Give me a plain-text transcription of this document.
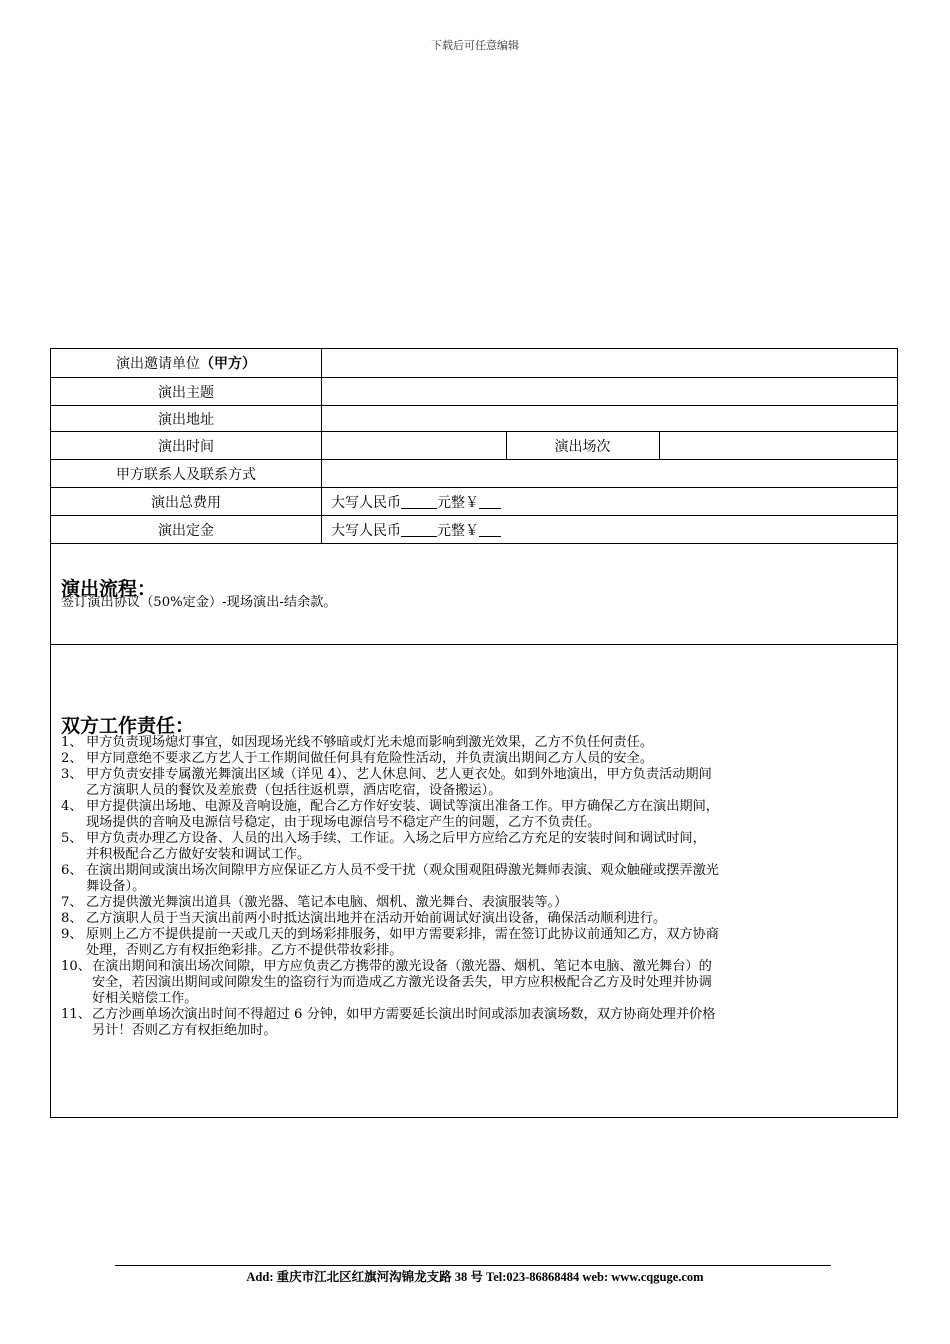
下载后可任意编辑
演出邀请单位 （甲方）
演出主题
演出地址
演出时间	演出场次
甲方联系人及联系方式
演出总费用	大写人民币	元整￥
演出定金	大写人民币	元整￥
演出流程：
签订演出协议（50%定金）-现场演出-结余款。
双方工作责任：
1、 甲方负责现场熄灯事宜，如因现场光线不够暗或灯光未熄而影响到激光效果，乙方不负任何责任。
2、 甲方同意绝不要求乙方艺人于工作期间做任何具有危险性活动，并负责演出期间乙方人员的安全。
3、 甲方负责安排专属激光舞演出区域（详见 4）、艺人休息间、艺人更衣处。如到外地演出，甲方负责活动期间
乙方演职人员的餐饮及差旅费（包括往返机票，酒店吃宿，设备搬运）。
4、 甲方提供演出场地、电源及音响设施，配合乙方作好安装、调试等演出准备工作。甲方确保乙方在演出期间，
现场提供的音响及电源信号稳定，由于现场电源信号不稳定产生的问题，乙方不负责任。
5、 甲方负责办理乙方设备、人员的出入场手续、工作证。入场之后甲方应给乙方充足的安装时间和调试时间，
并积极配合乙方做好安装和调试工作。
6、 在演出期间或演出场次间隙甲方应保证乙方人员不受干扰（观众围观阻碍激光舞师表演、观众触碰或摆弄激光
舞设备）。
7、 乙方提供激光舞演出道具（激光器、笔记本电脑、烟机、激光舞台、表演服装等。）
8、 乙方演职人员于当天演出前两小时抵达演出地并在活动开始前调试好演出设备，确保活动顺利进行。
9、 原则上乙方不提供提前一天或几天的到场彩排服务，如甲方需要彩排，需在签订此协议前通知乙方，双方协商
处理，否则乙方有权拒绝彩排。乙方不提供带妆彩排。
10、 在演出期间和演出场次间隙，甲方应负责乙方携带的激光设备（激光器、烟机、笔记本电脑、激光舞台）的
安全，若因演出期间或间隙发生的盗窃行为而造成乙方激光设备丢失，甲方应积极配合乙方及时处理并协调
好相关赔偿工作。
11、 乙方沙画单场次演出时间不得超过 6 分钟，如甲方需要延长演出时间或添加表演场数，双方协商处理并价格
另计！否则乙方有权拒绝加时。
Add: 重庆市江北区红旗河沟锦龙支路 38 号 Tel:023-86868484 web: www.cqguge.com
